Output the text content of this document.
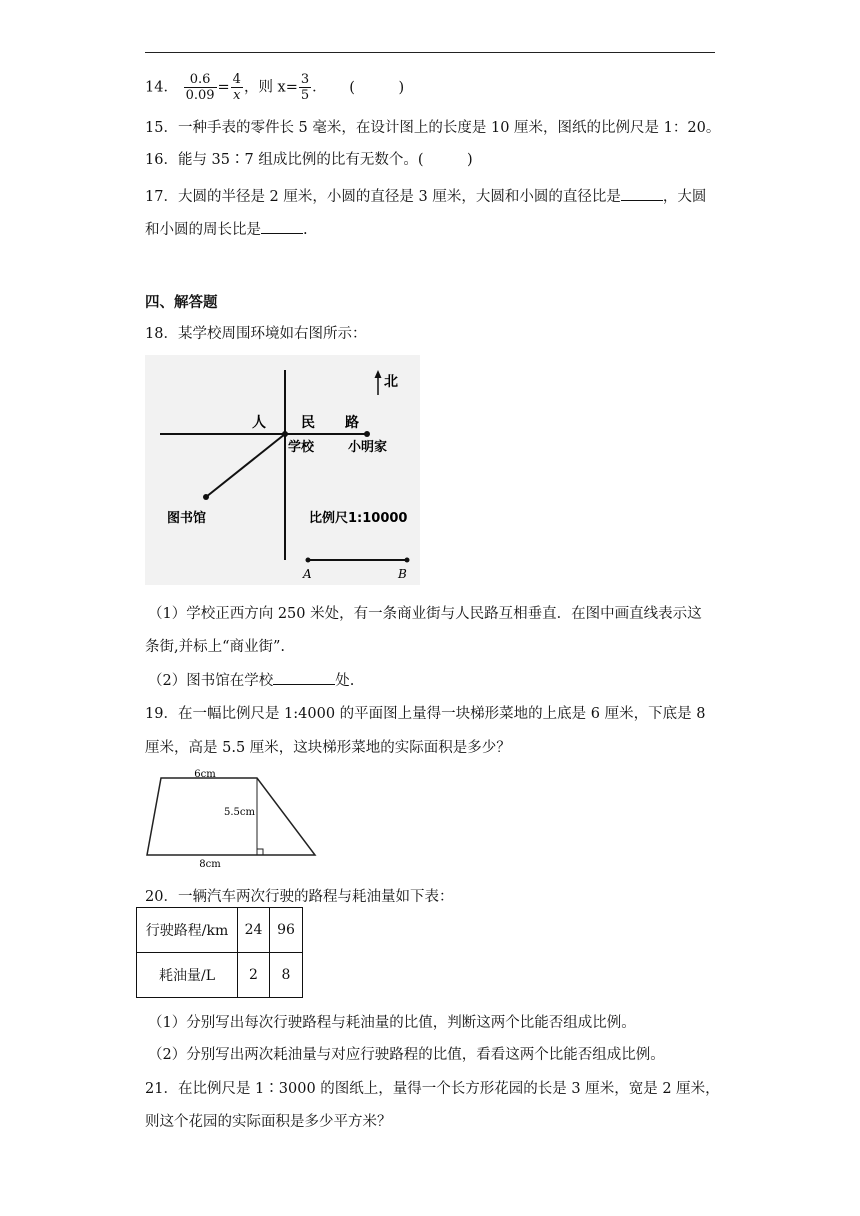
14． $\frac{0.6}{0.09} = \frac{4}{x}$ ，则 $x= \frac{3}{5}$ ． (　　　)
15．一种手表的零件长 5 毫米，在设计图上的长度是 10 厘米，图纸的比例尺是 1：20。
16．能与 35∶7 组成比例的比有无数个。(　　　)
17．大圆的半径是 2 厘米，小圆的直径是 3 厘米，大圆和小圆的直径比是	，大圆
和小圆的周长比是	.
四、解答题
18．某学校周围环境如右图所示：
北
人	民 路
学校	小明家
图书馆	比例尺1:10000
A	B
（1）学校正西方向 250 米处，有一条商业街与人民路互相垂直．在图中画直线表示这
条街,并标上“商业街”.
（2）图书馆在学校	处.
19．在一幅比例尺是 1:4000 的平面图上量得一块梯形菜地的上底是 6 厘米，下底是 8
厘米，高是 5.5 厘米，这块梯形菜地的实际面积是多少？
6cm
5.5cm
8cm
20．一辆汽车两次行驶的路程与耗油量如下表：
行驶路程/km	24	96
耗油量/L	2	8
（1）分别写出每次行驶路程与耗油量的比值，判断这两个比能否组成比例。
（2）分别写出两次耗油量与对应行驶路程的比值，看看这两个比能否组成比例。
21．在比例尺是 1∶3000 的图纸上，量得一个长方形花园的长是 3 厘米，宽是 2 厘米，
则这个花园的实际面积是多少平方米？
